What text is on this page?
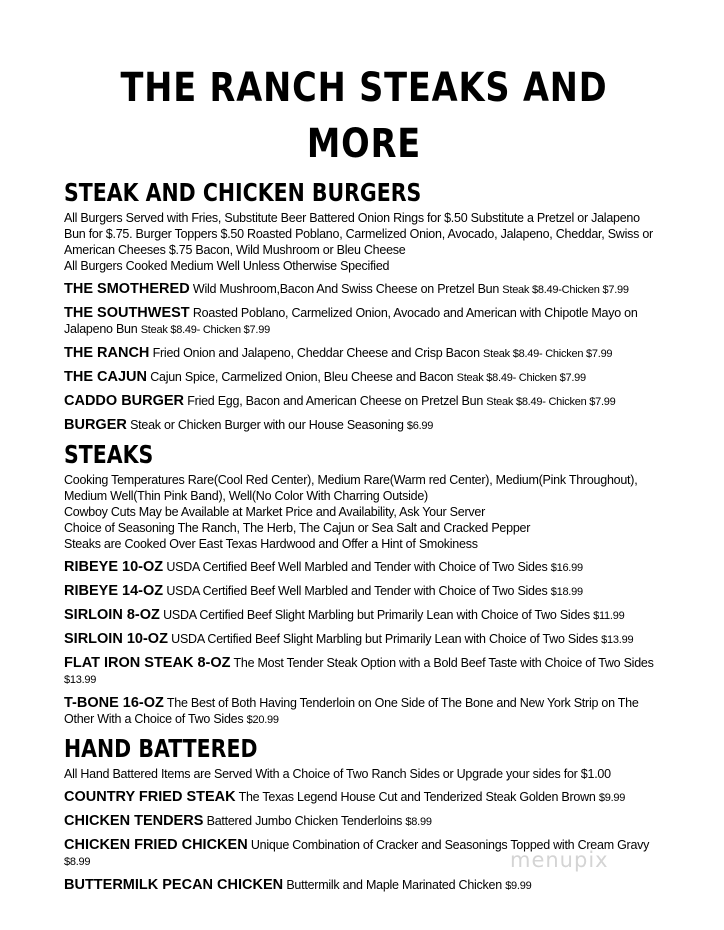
THE RANCH STEAKS AND MORE
STEAK AND CHICKEN BURGERS

All Burgers Served with Fries, Substitute Beer Battered Onion Rings for $.50 Substitute a Pretzel or Jalapeno Bun for $.75. Burger Toppers $.50 Roasted Poblano, Carmelized Onion, Avocado, Jalapeno, Cheddar, Swiss or American Cheeses $.75 Bacon, Wild Mushroom or Bleu Cheese

All Burgers Cooked Medium Well Unless Otherwise Specified

THE SMOTHERED Wild Mushroom,Bacon And Swiss Cheese on Pretzel Bun Steak $8.49-Chicken $7.99
THE SOUTHWEST Roasted Poblano, Carmelized Onion, Avocado and American with Chipotle Mayo on Jalapeno Bun Steak $8.49- Chicken $7.99
THE RANCH Fried Onion and Jalapeno, Cheddar Cheese and Crisp Bacon Steak $8.49- Chicken $7.99
THE CAJUN Cajun Spice, Carmelized Onion, Bleu Cheese and Bacon Steak $8.49- Chicken $7.99
CADDO BURGER Fried Egg, Bacon and American Cheese on Pretzel Bun Steak $8.49- Chicken $7.99
BURGER Steak or Chicken Burger with our House Seasoning $6.99
STEAKS

Cooking Temperatures Rare(Cool Red Center), Medium Rare(Warm red Center), Medium(Pink Throughout), Medium Well(Thin Pink Band), Well(No Color With Charring Outside)

Cowboy Cuts May be Available at Market Price and Availability, Ask Your Server

Choice of Seasoning The Ranch, The Herb, The Cajun or Sea Salt and Cracked Pepper

Steaks are Cooked Over East Texas Hardwood and Offer a Hint of Smokiness

RIBEYE 10-OZ USDA Certified Beef Well Marbled and Tender with Choice of Two Sides $16.99
RIBEYE 14-OZ USDA Certified Beef Well Marbled and Tender with Choice of Two Sides $18.99
SIRLOIN 8-OZ USDA Certified Beef Slight Marbling but Primarily Lean with Choice of Two Sides $11.99
SIRLOIN 10-OZ USDA Certified Beef Slight Marbling but Primarily Lean with Choice of Two Sides $13.99
FLAT IRON STEAK 8-OZ The Most Tender Steak Option with a Bold Beef Taste with Choice of Two Sides $13.99
T-BONE 16-OZ The Best of Both Having Tenderloin on One Side of The Bone and New York Strip on The Other With a Choice of Two Sides $20.99
HAND BATTERED

All Hand Battered Items are Served With a Choice of Two Ranch Sides or Upgrade your sides for $1.00

COUNTRY FRIED STEAK The Texas Legend House Cut and Tenderized Steak Golden Brown $9.99
CHICKEN TENDERS Battered Jumbo Chicken Tenderloins $8.99
CHICKEN FRIED CHICKEN Unique Combination of Cracker and Seasonings Topped with Cream Gravy $8.99
BUTTERMILK PECAN CHICKEN Buttermilk and Maple Marinated Chicken $9.99
menupix
